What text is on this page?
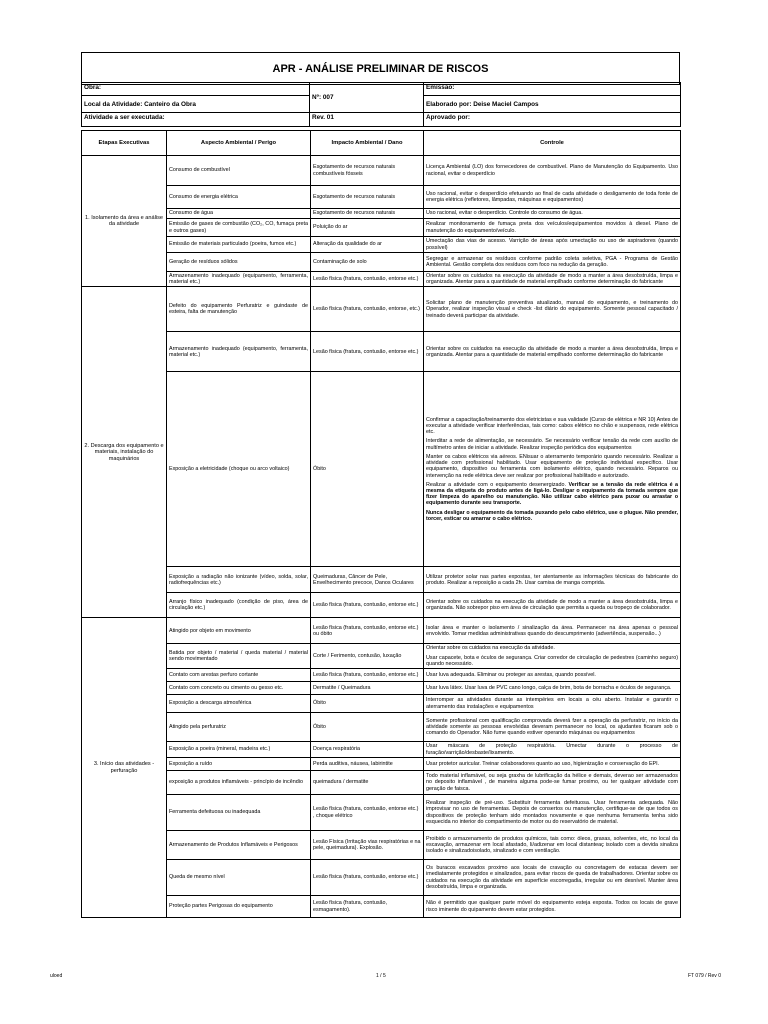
APR - ANÁLISE PRELIMINAR DE RISCOS
Obra:	Nº: 007	Emissão:
Local da Atividade: Canteiro da Obra		Elaborado por: Deise Maciel Campos
Atividade a ser executada:	Rev. 01	Aprovado por:
Etapas Executivas	Aspecto Ambiental / Perigo	Impacto Ambiental / Dano	Controle
1. Isolamento da área e análise da atividade	Consumo de combustível	Esgotamento de recursos naturais combustíveis fósseis	Licença Ambiental (LO) dos fornecedores de combustível. Plano de Manutenção do Equipamento. Uso racional, evitar o desperdício

	Consumo de energia elétrica	Esgotamento de recursos naturais	Uso racional, evitar o desperdício efetuando ao final de cada atividade o desligamento de toda fonte de energia elétrica (refletores, lâmpadas, máquinas e equipamentos)

	Consumo de água	Esgotamento de recursos naturais	Uso racional, evitar o desperdício. Controle do consumo de água.

	Emissão de gases de combustão (CO₂, CO, fumaça preta e outros gases)	Poluição do ar	Realizar monitoramento de fumaça preta dos veículos/equipamentos movidos à diesel. Plano de manutenção do equipamento/veículo.

	Emissão de materiais particulado (poeira, fumos etc.)	Alteração da qualidade do ar	Umectação das vias de acesso. Varrição de áreas após umectação ou uso de aspiradores (quando possível)

	Geração de resíduos sólidos	Contaminação de solo	Segregar e armazenar os resíduos conforme padrão coleta seletiva, PGA - Programa de Gestão Ambiental. Gestão completa dos resíduos com foco na redução da geração.

	Armazenamento inadequado (equipamento, ferramenta, material etc.)	Lesão física (fratura, contusão, entorse etc.)	Orientar sobre os cuidados na execução da atividade de modo a manter a área desobstruída, limpa e organizada. Atentar para a quantidade de material empilhado conforme determinação do fabricante

2. Descarga dos equipamento e materiais, instalação do maquinários	Defeito do equipamento Perfuratriz e guindaste de esteira, falta de manutenção	Lesão física (fratura, contusão, entorse, etc.)	Solicitar plano de manutenção preventiva atualizado, manual do equipamento, e treinamento do Operador, realizar inspeção visual e check -list diário do equipamento. Somente pessoal capacitado / treinado deverá participar da atividade.

	Armazenamento inadequado (equipamento, ferramenta, material etc.)	Lesão física (fratura, contusão, entorse etc.)	Orientar sobre os cuidados na execução da atividade de modo a manter a área desobstruída, limpa e organizada. Atentar para a quantidade de material empilhado conforme determinação do fabricante

	Exposição a eletricidade (choque ou arco voltaico)	Óbito	Confirmar a capacitação/treinamento dos eletricistas e sua validade (Curso de elétrica e NR 10) Antes de executar a atividade verificar interferências, tais como: cabos elétrico no chão e suspensos, rede elétrica etc.

Interditar a rede de alimentação, se necessário. Se necessário verificar tensão da rede com auxílio de multímetro antes de iniciar a atividade. Realizar inspeção periódica dos equipamentos

Manter os cabos elétricos via aéreos. ENisuar o aterramento temporário quando necessário. Realizar a atividade com profissional habilitado. Usar equipamento de proteção individual específico. Usar equipamento, dispositivo ou ferramenta com isolamento elétrico, quando necessário. Reparos ou intervenção na rede elétrica deve ser realizar por profissional habilitado e autorizado.

Realizar a atividade com o equipamento desenergizado. Verificar se a tensão da rede elétrica é a mesma da etiqueta do produto antes de ligá-lo. Desligar o equipamento da tomada sempre que fizer limpeza do aparelho ou manutenção. Não utilizar cabo elétrico para puxar ou arrastar o equipamento durante seu transporte.

Nunca desligar o equipamento da tomada puxando pelo cabo elétrico, use o plugue. Não prender, torcer, esticar ou amarrar o cabo elétrico.

	Exposição a radiação não ionizante (vídeo, solda, solar, radiofrequências etc.)	Queimaduras, Câncer de Pele, Envelhecimento precoce, Danos Oculares	Utilizar protetor solar nas partes expostas, ter atentamente as informações técnicas do fabricante do produto. Realizar a reposição a cada 2h. Usar camisa de manga comprida.

	Arranjo físico inadequado (condição de piso, área de circulação etc.)	Lesão física (fratura, contusão, entorse etc.)	Orientar sobre os cuidados na execução da atividade de modo a manter a área desobstruída, limpa e organizada. Não sobrepor piso em área de circulação que permita a queda ou tropeço de colaborador.

3. Início das atividades - perfuração	Atingido por objeto em movimento	Lesão física (fratura, contusão, entorse etc.) ou óbito	Isolar área e manter o isolamento / sinalização da área. Permanecer na área apenas o pessoal envolvido. Tomar medidas administrativas quando do descumprimento (advertência, suspensão...)

	Batida por objeto / material / queda material / material sendo movimentado	Corte / Ferimento, contusão, luxação	Orientar sobre os cuidados na execução da atividade.

Usar capacete, bota e óculos de segurança. Criar corredor de circulação de pedestres (caminho seguro) quando necessário.

	Contato com arestas perfuro cortante	Lesão física (fratura, contusão, entorse etc.)	Usar luva adequada. Eliminar ou proteger as arestas, quando possível.

	Contato com concreto ou cimento ou gesso etc.	Dermatite / Queimadura	Usar luva látex. Usar luva de PVC cano longo, calça de brim, bota de borracha e óculos de segurança.

	Exposição a descarga atmosférica	Óbito	Interromper as atividades durante as intempéries em locais a céu aberto. Instalar e garantir o aterramento das instalações e equipamentos

	Atingido pela perfuratriz	Óbito	Somente profissional com qualificação comprovada deverá fzer a operação da perfuratriz, no início da atividade somente as pessoas envolvidas deveram permanecer no local, os ajudantes ficaram sob o comando do Operador. Não fume quando estiver operando máquinas ou equipamentos

	Exposição a poeira (mineral, madeira etc.)	Doença respiratória	Usar máscara de proteção respiratória. Umectar durante o processo de furação/varrição/desbaste/lixamento.

	Exposição a ruído	Perda auditiva, náusea, labirintite	Usar protetor auricular. Treinar colaboradores quanto ao uso, higienização e conservação do EPI.

	exposição a produtos inflamáveis - princípio de incêndio	queimadura / dermatite	Todo material inflamável, ou seja graxha de lubrificação da hélice e demais, deverao ser armazenados no deposito inflamável , de maneira alguma pode-se fumar proximo, ou ter qualquer atividade com geração de faisca.

	Ferramenta defeituosa ou inadequada	Lesão física (fratura, contusão, entorse etc.) , choque elétrico	Realizar inspeção de pré-uso. Substituir ferramenta defeituosa. Usar ferramenta adequada. Não improvisar no uso de ferramentas. Depois de consertos ou manutenção, certifique-se de que todos os dispositivos de proteção tenham sido montados novamente e que nenhuma ferramenta tenha sido esquecida no interior do compartimento de motor ou do reservatório de material.

	Armazenamento de Produtos Inflamáveis e Perigosos	Lesão Física (Irritação vias respiratórias e na pele, queimadura). Explosão.	Proibido o armazenamento de produtos químicos, tais como: óleos, graxas, solventes, etc, no local da escavação, armazenar em local afastado, Ii/adizenar em local distanteaç isolado com a devida sinaliza isolado e sinalizadoisolado, sinalizado e com ventilação.

	Queda de mesmo nível	Lesão física (fratura, contusão, entorse etc.)	Os buracos escavados proximo aos locais de cravação ou concretagem de estacas devem ser imediatamente protegidos e sinalizados, para evitar riscos de queda de trabalhadores. Orientar sobre os cuidados na execução da atividade em superfície escorregadia, irregular ou em desnível. Manter área desobstruída, limpa e organizada.

	Proteção partes Perigosas do equipamento	Lesão física (fratura, contusão, esmagamento).	Não é permitido que qualquer parte móvel do equipamento esteja exposta. Todos os locais de grave risco iminente do quipamento devem estar protegidos.

uloed	1 / 5	FT 079 / Rev 0
